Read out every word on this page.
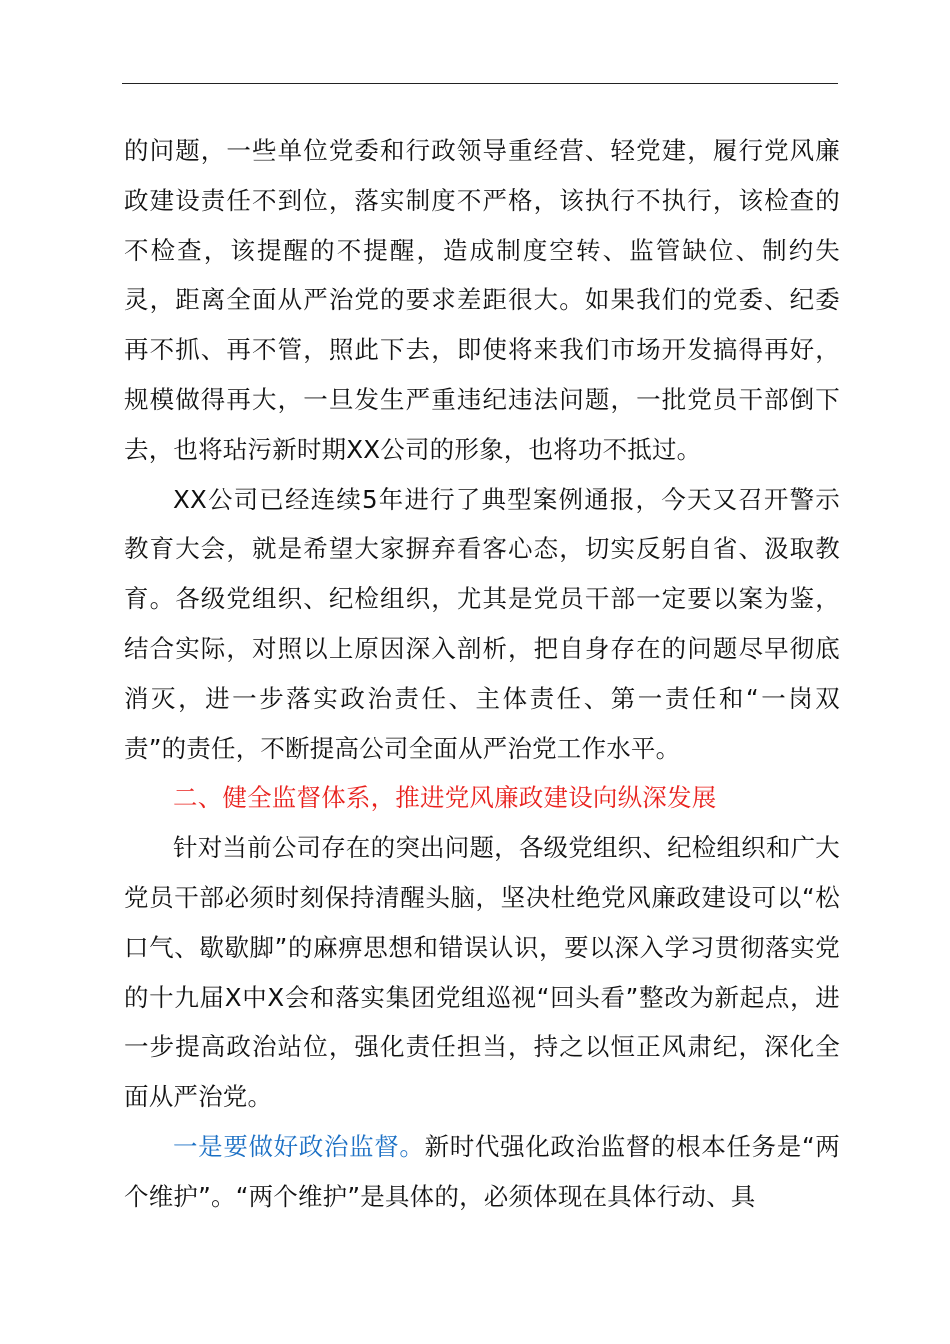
的问题，一些单位党委和行政领导重经营、轻党建，履行党风廉政建设责任不到位，落实制度不严格，该执行不执行，该检查的不检查，该提醒的不提醒，造成制度空转、监管缺位、制约失灵，距离全面从严治党的要求差距很大。如果我们的党委、纪委再不抓、再不管，照此下去，即使将来我们市场开发搞得再好，规模做得再大，一旦发生严重违纪违法问题，一批党员干部倒下去，也将玷污新时期XX公司的形象，也将功不抵过。

XX公司已经连续5年进行了典型案例通报，今天又召开警示教育大会，就是希望大家摒弃看客心态，切实反躬自省、汲取教育。各级党组织、纪检组织，尤其是党员干部一定要以案为鉴，结合实际，对照以上原因深入剖析，把自身存在的问题尽早彻底消灭，进一步落实政治责任、主体责任、第一责任和“一岗双责”的责任，不断提高公司全面从严治党工作水平。

二、健全监督体系，推进党风廉政建设向纵深发展

针对当前公司存在的突出问题，各级党组织、纪检组织和广大党员干部必须时刻保持清醒头脑，坚决杜绝党风廉政建设可以“松口气、歇歇脚”的麻痹思想和错误认识，要以深入学习贯彻落实党的十九届X中X会和落实集团党组巡视“回头看”整改为新起点，进一步提高政治站位，强化责任担当，持之以恒正风肃纪，深化全面从严治党。

一是要做好政治监督。新时代强化政治监督的根本任务是“两个维护”。“两个维护”是具体的，必须体现在具体行动、具
